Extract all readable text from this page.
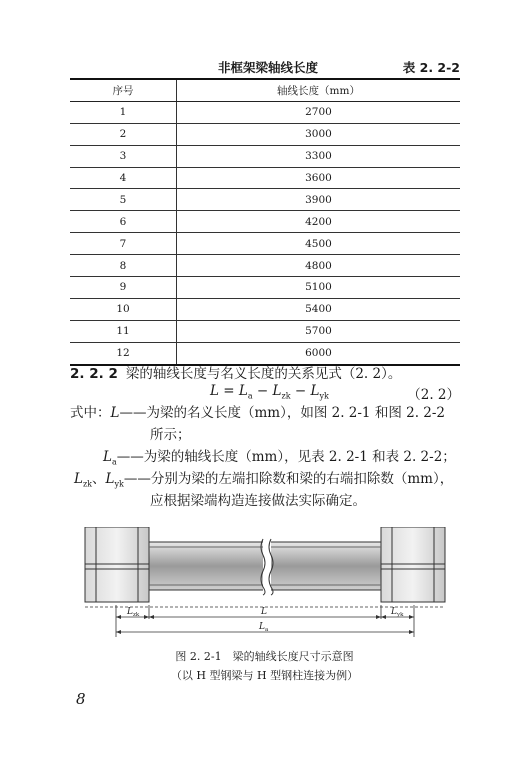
非框架梁轴线长度	表 2. 2-2
序号	轴线长度（mm）
1	2700
2	3000
3	3300
4	3600
5	3900
6	4200
7	4500
8	4800
9	5100
10	5400
11	5700
12	6000
2. 2. 2 梁的轴线长度与名义长度的关系见式（2. 2）。
$L = L_a - L_{zk} - L_{yk}$	（2. 2）
式中：L——为梁的名义长度（mm），如图 2. 2-1 和图 2. 2-2
所示；
$L_a——$为梁的轴线长度（mm），见表 2. 2-1 和表 2. 2-2；
$L_{zk}$、$L_{yk}——$分别为梁的左端扣除数和梁的右端扣除数（mm），
应根据梁端构造连接做法实际确定。
$L_{zk}$	L	$L_{yk}$
$L_a$
图 2. 2-1　梁的轴线长度尺寸示意图
（以 H 型钢梁与 H 型钢柱连接为例）
8
